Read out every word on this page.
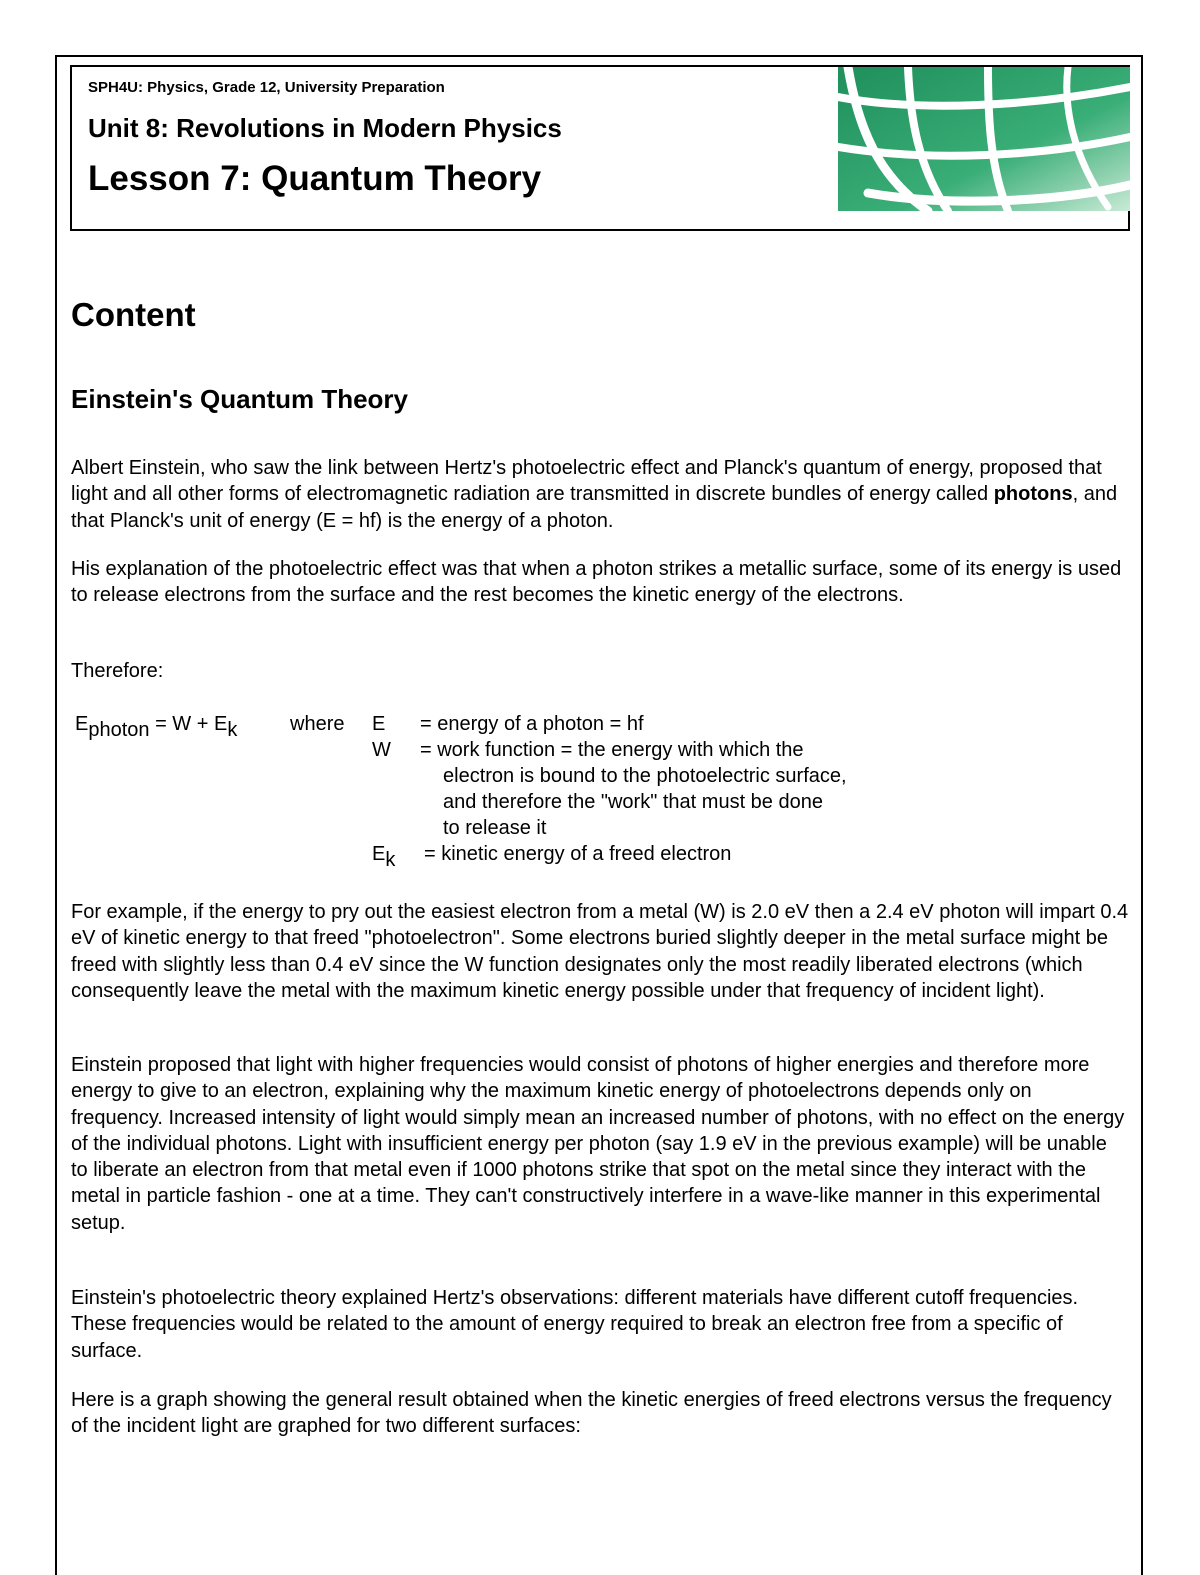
SPH4U: Physics, Grade 12, University Preparation
Unit 8: Revolutions in Modern Physics
Lesson 7: Quantum Theory
Content
Einstein's Quantum Theory

Albert Einstein, who saw the link between Hertz's photoelectric effect and Planck's quantum of energy, proposed that light and all other forms of electromagnetic radiation are transmitted in discrete bundles of energy called photons, and that Planck's unit of energy (E = hf) is the energy of a photon.

His explanation of the photoelectric effect was that when a photon strikes a metallic surface, some of its energy is used to release electrons from the surface and the rest becomes the kinetic energy of the electrons.

Therefore:

$E_{photon} = W + E_k$	where E = energy of a photon = hf
W = work function = the energy with which the
electron is bound to the photoelectric surface,
and therefore the "work" that must be done
to release it
$E_k$ = kinetic energy of a freed electron

For example, if the energy to pry out the easiest electron from a metal (W) is 2.0 eV then a 2.4 eV photon will impart 0.4 eV of kinetic energy to that freed "photoelectron". Some electrons buried slightly deeper in the metal surface might be freed with slightly less than 0.4 eV since the W function designates only the most readily liberated electrons (which consequently leave the metal with the maximum kinetic energy possible under that frequency of incident light).

Einstein proposed that light with higher frequencies would consist of photons of higher energies and therefore more energy to give to an electron, explaining why the maximum kinetic energy of photoelectrons depends only on frequency. Increased intensity of light would simply mean an increased number of photons, with no effect on the energy of the individual photons. Light with insufficient energy per photon (say 1.9 eV in the previous example) will be unable to liberate an electron from that metal even if 1000 photons strike that spot on the metal since they interact with the metal in particle fashion - one at a time. They can't constructively interfere in a wave-like manner in this experimental setup.

Einstein's photoelectric theory explained Hertz's observations: different materials have different cutoff frequencies. These frequencies would be related to the amount of energy required to break an electron free from a specific of surface.

Here is a graph showing the general result obtained when the kinetic energies of freed electrons versus the frequency of the incident light are graphed for two different surfaces:
